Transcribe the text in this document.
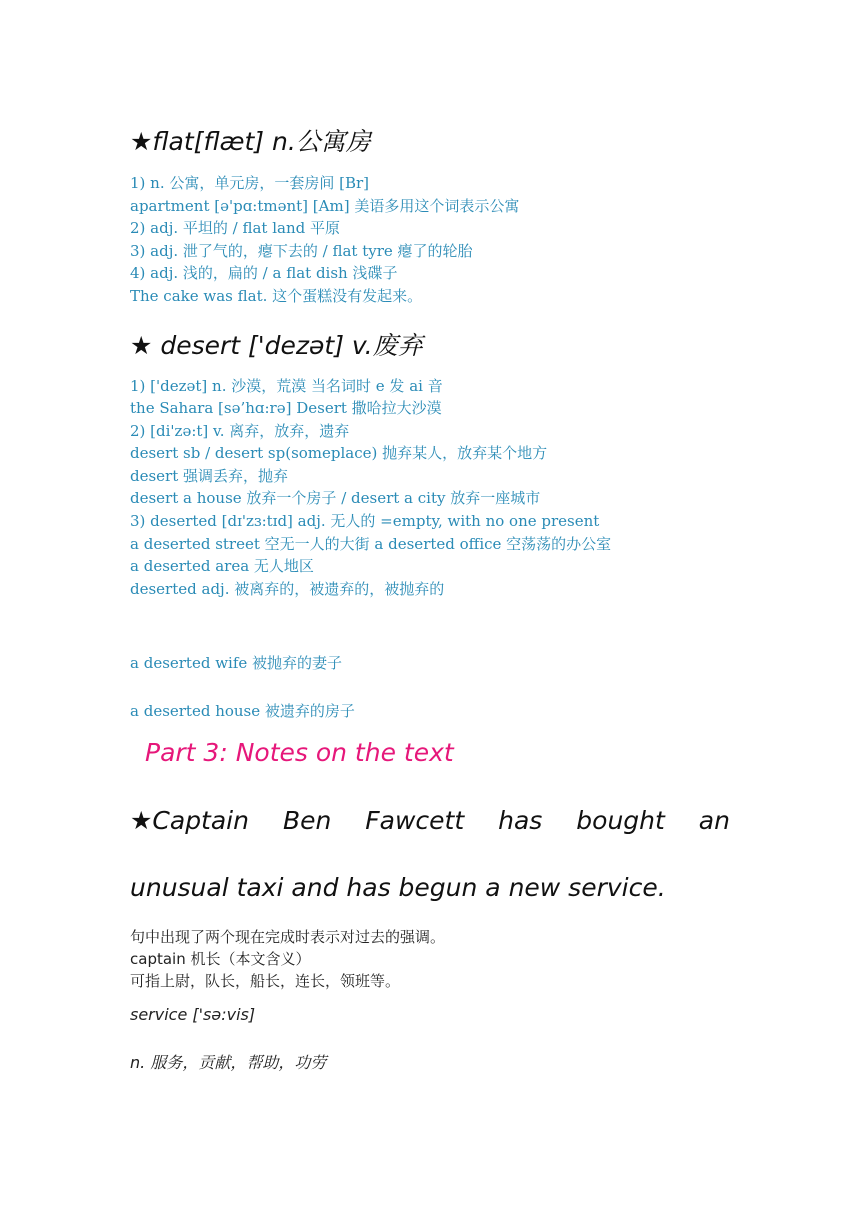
★flat[flæt] n.公寓房
1) n. 公寓，单元房，一套房间 [Br]
apartment [ə'pɑ:tmənt] [Am] 美语多用这个词表示公寓
2) adj. 平坦的 / flat land 平原
3) adj. 泄了气的，瘪下去的 / flat tyre 瘪了的轮胎
4) adj. 浅的，扁的 / a flat dish 浅碟子
The cake was flat. 这个蛋糕没有发起来。
★ desert ['dezət] v.废弃
1) ['dezət] n. 沙漠，荒漠 当名词时 e 发 ai 音
the Sahara [sə’hɑ:rə] Desert 撒哈拉大沙漠
2) [di'zə:t] v. 离弃，放弃，遗弃
desert sb / desert sp(someplace) 抛弃某人，放弃某个地方
desert 强调丢弃，抛弃
desert a house 放弃一个房子 / desert a city 放弃一座城市
3) deserted [dɪ'zɜ:tɪd] adj. 无人的 =empty, with no one present
a deserted street 空无一人的大街 a deserted office 空荡荡的办公室
a deserted area 无人地区
deserted adj. 被离弃的，被遗弃的，被抛弃的
a deserted wife 被抛弃的妻子
a deserted house 被遗弃的房子
Part 3: Notes on the text
★Captain Ben Fawcett has bought an
unusual taxi and has begun a new service.
句中出现了两个现在完成时表示对过去的强调。
captain 机长（本文含义）
可指上尉，队长，船长，连长，领班等。
service ['sə:vis]
n. 服务，贡献，帮助，功劳
